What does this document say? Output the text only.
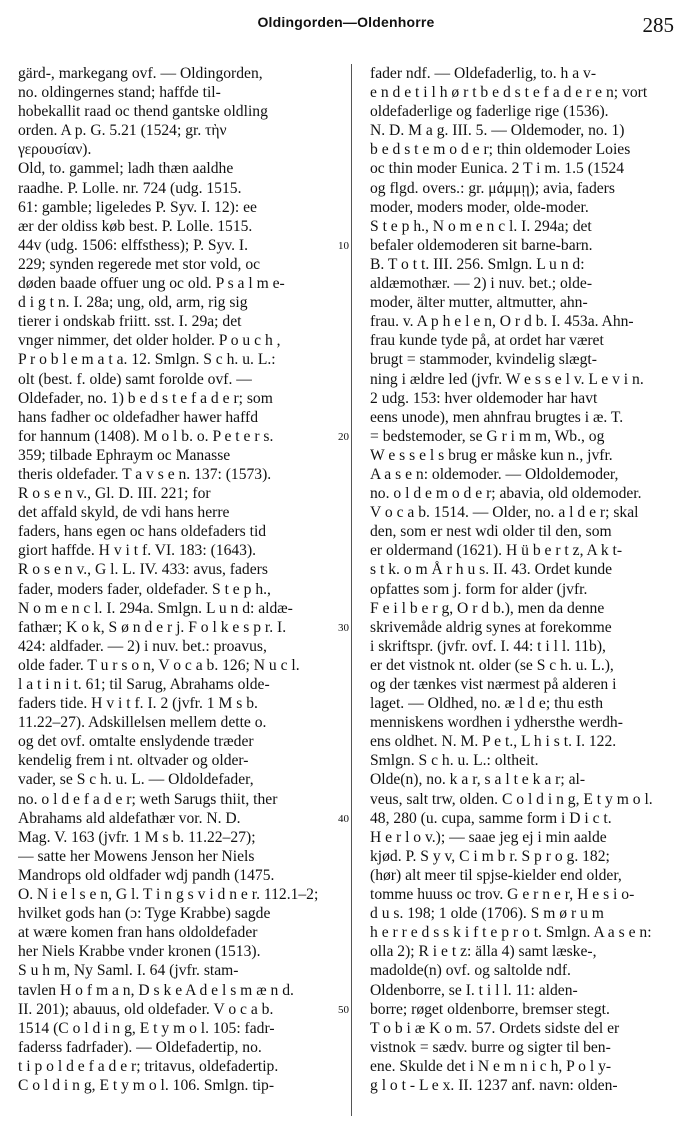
Oldingorden—Oldenhorre	285
gärd-, markegang ovf. — Oldingorden,
no. oldingernes stand; haffde til-
hobekallit raad oc thend gantske oldling
orden. A p. G. 5.21 (1524; gr. τὴν
γερουσίαν).
Old, to. gammel; ladh thæn aaldhe
raadhe. P. Lolle. nr. 724 (udg. 1515.
61: gamble; ligeledes P. Syv. I. 12): ee
ær der oldiss køb best. P. Lolle. 1515.
44v (udg. 1506: elffsthess); P. Syv. I.
229; synden regerede met stor vold, oc
døden baade offuer ung oc old. P s a l m e-
d i g t n. I. 28a; ung, old, arm, rig sig
tierer i ondskab friitt. sst. I. 29a; det
vnger nimmer, det older holder. P o u c h ,
P r o b l e m a t a. 12. Smlgn. S c h. u. L.:
olt (best. f. olde) samt forolde ovf. —
Oldefader, no. 1) b e d s t e f a d e r; som
hans fadher oc oldefadher hawer haffd
for hannum (1408). M o l b. o. P e t e r s.
359; tilbade Ephraym oc Manasse
theris oldefader. T a v s e n. 137: (1573).
R o s e n v., Gl. D. III. 221; for
det affald skyld, de vdi hans herre
faders, hans egen oc hans oldefaders tid
giort haffde. H v i t f. VI. 183: (1643).
R o s e n v., G l. L. IV. 433: avus, faders
fader, moders fader, oldefader. S t e p h.,
N o m e n c l. I. 294a. Smlgn. L u n d: aldæ-
fathær; K o k, S ø n d e r j. F o l k e s p r. I.
424: aldfader. — 2) i nuv. bet.: proavus,
olde fader. T u r s o n, V o c a b. 126; N u c l.
l a t i n i t. 61; til Sarug, Abrahams olde-
faders tide. H v i t f. I. 2 (jvfr. 1 M s b.
11.22–27). Adskillelsen mellem dette o.
og det ovf. omtalte enslydende træder
kendelig frem i nt. oltvader og older-
vader, se S c h. u. L. — Oldoldefader,
no. o l d e f a d e r; weth Sarugs thiit, ther
Abrahams ald aldefathær vor. N. D.
Mag. V. 163 (jvfr. 1 M s b. 11.22–27);
— satte her Mowens Jenson her Niels
Mandrops old oldfader wdj pandh (1475.
O. N i e l s e n, G l. T i n g s v i d n e r. 112.1–2;
hvilket gods han (ɔ: Tyge Krabbe) sagde
at wære komen fran hans oldoldefader
her Niels Krabbe vnder kronen (1513).
S u h m, Ny Saml. I. 64 (jvfr. stam-
tavlen H o f m a n, D s k e A d e l s m æ n d.
II. 201); abauus, old oldefader. V o c a b.
1514 (C o l d i n g, E t y m o l. 105: fadr-
faderss fadrfader). — Oldefadertip, no.
t i p o l d e f a d e r; tritavus, oldefadertip.
C o l d i n g, E t y m o l. 106. Smlgn. tip-
10
20
30
40
50
fader ndf. — Oldefaderlig, to. h a v-
e n d e t i l h ø r t b e d s t e f a d e r e n; vort
oldefaderlige og faderlige rige (1536).
N. D. M a g. III. 5. — Oldemoder, no. 1)
b e d s t e m o d e r; thin oldemoder Loies
oc thin moder Eunica. 2 T i m. 1.5 (1524
og flgd. overs.: gr. μάμμῃ); avia, faders
moder, moders moder, olde-moder.
S t e p h., N o m e n c l. I. 294a; det
befaler oldemoderen sit barne-barn.
B. T o t t. III. 256. Smlgn. L u n d:
aldæmothær. — 2) i nuv. bet.; olde-
moder, älter mutter, altmutter, ahn-
frau. v. A p h e l e n, O r d b. I. 453a. Ahn-
frau kunde tyde på, at ordet har været
brugt = stammoder, kvindelig slægt-
ning i ældre led (jvfr. W e s s e l v. L e v i n.
2 udg. 153: hver oldemoder har havt
eens unode), men ahnfrau brugtes i æ. T.
= bedstemoder, se G r i m m, Wb., og
W e s s e l s brug er måske kun n., jvfr.
A a s e n: oldemoder. — Oldoldemoder,
no. o l d e m o d e r; abavia, old oldemoder.
V o c a b. 1514. — Older, no. a l d e r; skal
den, som er nest wdi older til den, som
er oldermand (1621). H ü b e r t z, A k t-
s t k. o m Å r h u s. II. 43. Ordet kunde
opfattes som j. form for alder (jvfr.
F e i l b e r g, O r d b.), men da denne
skrivemåde aldrig synes at forekomme
i skriftspr. (jvfr. ovf. I. 44: t i l l. 11b),
er det vistnok nt. older (se S c h. u. L.),
og der tænkes vist nærmest på alderen i
laget. — Oldhed, no. æ l d e; thu esth
menniskens wordhen i ydhersthe werdh-
ens oldhet. N. M. P e t., L h i s t. I. 122.
Smlgn. S c h. u. L.: oltheit.
Olde(n), no. k a r, s a l t e k a r; al-
veus, salt trw, olden. C o l d i n g, E t y m o l.
48, 280 (u. cupa, samme form i D i c t.
H e r l o v.); — saae jeg ej i min aalde
kjød. P. S y v, C i m b r. S p r o g. 182;
(hør) alt meer til spjse-kielder end older,
tomme huuss oc trov. G e r n e r, H e s i o-
d u s. 198; 1 olde (1706). S m ø r u m
h e r r e d s s k i f t e p r o t. Smlgn. A a s e n:
olla 2); R i e t z: älla 4) samt læske-,
madolde(n) ovf. og saltolde ndf.
Oldenborre, se I. t i l l. 11: alden-
borre; røget oldenborre, bremser stegt.
T o b i æ K o m. 57. Ordets sidste del er
vistnok = sædv. burre og sigter til ben-
ene. Skulde det i N e m n i c h, P o l y-
g l o t - L e x. II. 1237 anf. navn: olden-
